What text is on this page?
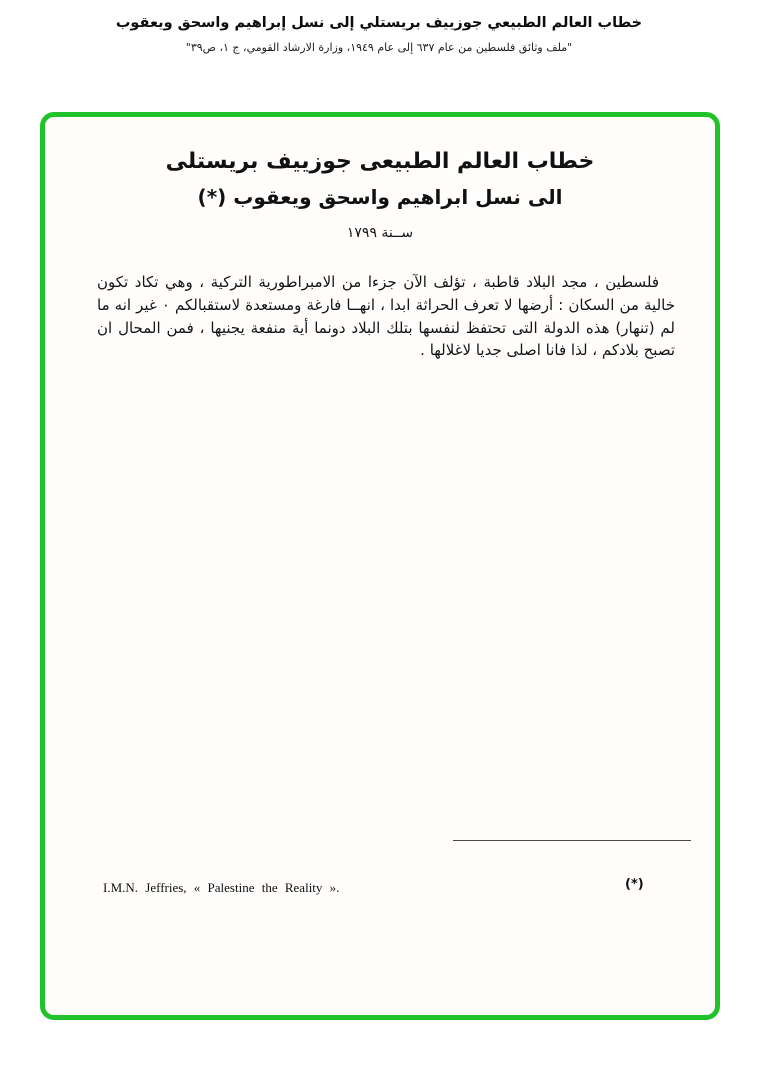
خطاب العالم الطبيعي جوزييف بريستلي إلى نسل إبراهيم واسحق ويعقوب
"ملف وثائق فلسطين من عام ٦٣٧ إلى عام ١٩٤٩، وزارة الارشاد القومي، ج ١، ص٣٩"
خطاب العالم الطبيعى جوزييف بريستلى
الى نسل ابراهيم واسحق ويعقوب (*)
ســنة ١٧٩٩

فلسطين ، مجد البلاد قاطبة ، تؤلف الآن جزءا من الامبراطورية التركية ، وهي تكاد تكون خالية من السكان : أرضها لا تعرف الحراثة ابدا ، انهــا فارغة ومستعدة لاستقبالكم ٠ غير انه ما لم (تنهار) هذه الدولة التى تحتفظ لنفسها بتلك البلاد دونما أية منفعة يجنيها ، فمن المحال ان تصبح بلادكم ، لذا فانا اصلى جديا لاغلالها .

I.M.N. Jeffries, « Palestine the Reality ».	(*)
